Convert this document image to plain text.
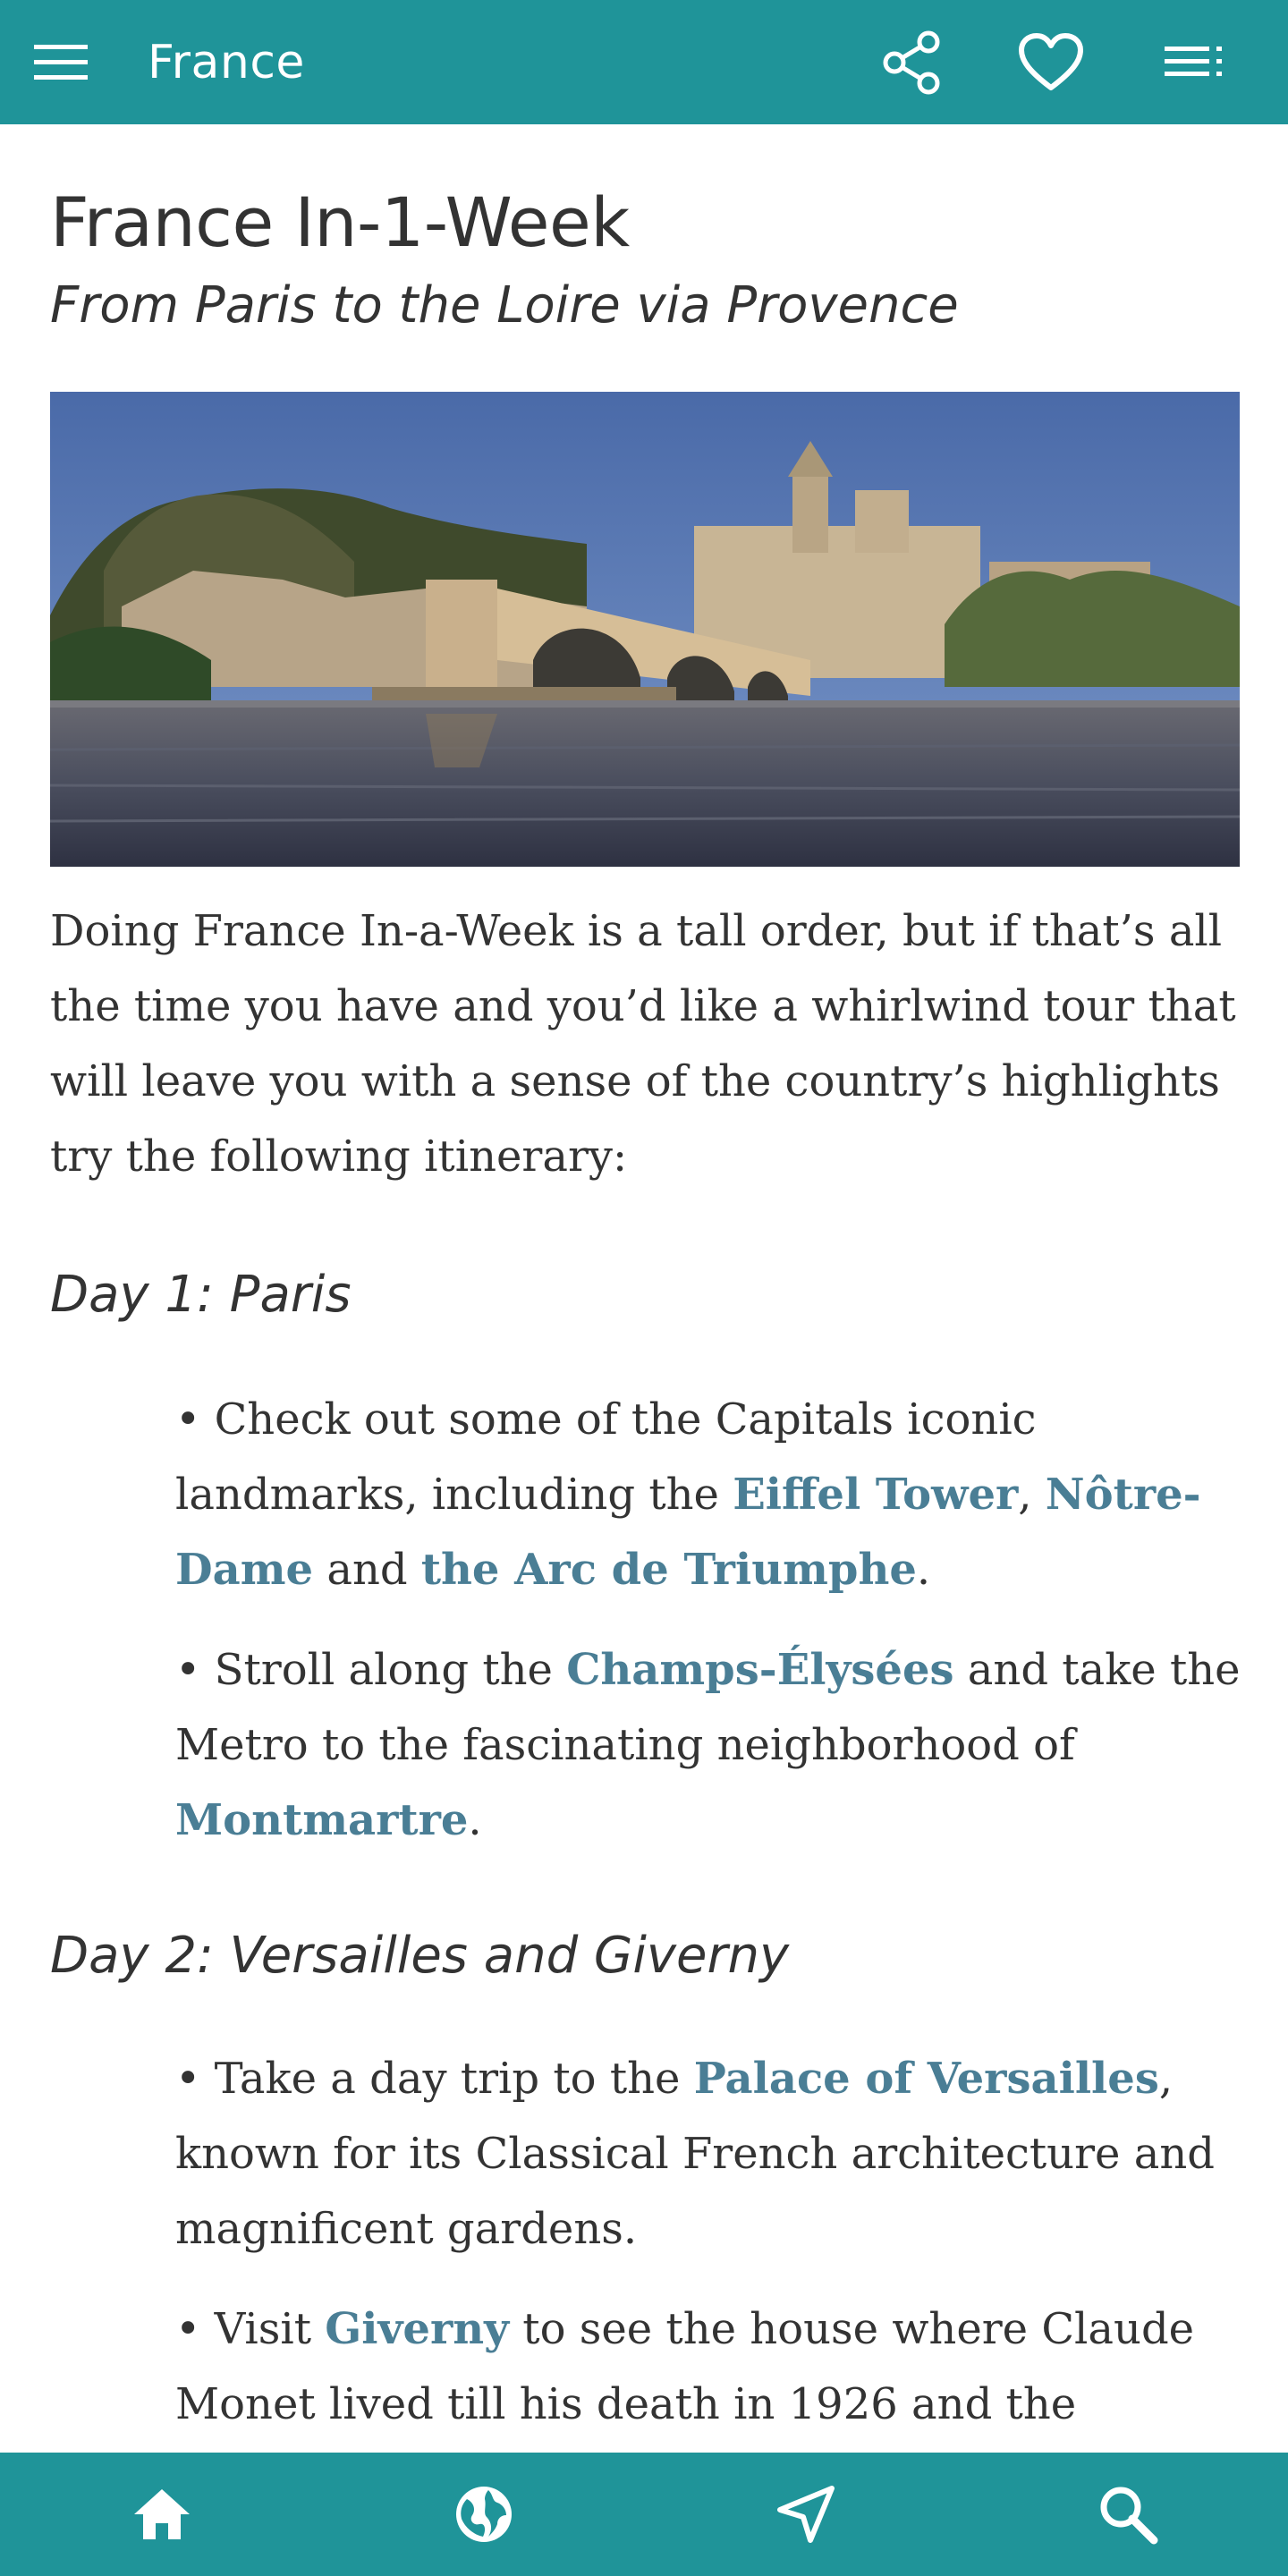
France
France In-1-Week
From Paris to the Loire via Provence

Doing France In-a-Week is a tall order, but if that’s all the time you have and you’d like a whirlwind tour that will leave you with a sense of the country’s highlights try the following itinerary:

Day 1: Paris

• Check out some of the Capitals iconic landmarks, including the Eiffel Tower, Nôtre-Dame and the Arc de Triumphe.

• Stroll along the Champs-Élysées and take the Metro to the fascinating neighborhood of Montmartre.

Day 2: Versailles and Giverny

• Take a day trip to the Palace of Versailles, known for its Classical French architecture and magnificent gardens.

• Visit Giverny to see the house where Claude Monet lived till his death in 1926 and the
